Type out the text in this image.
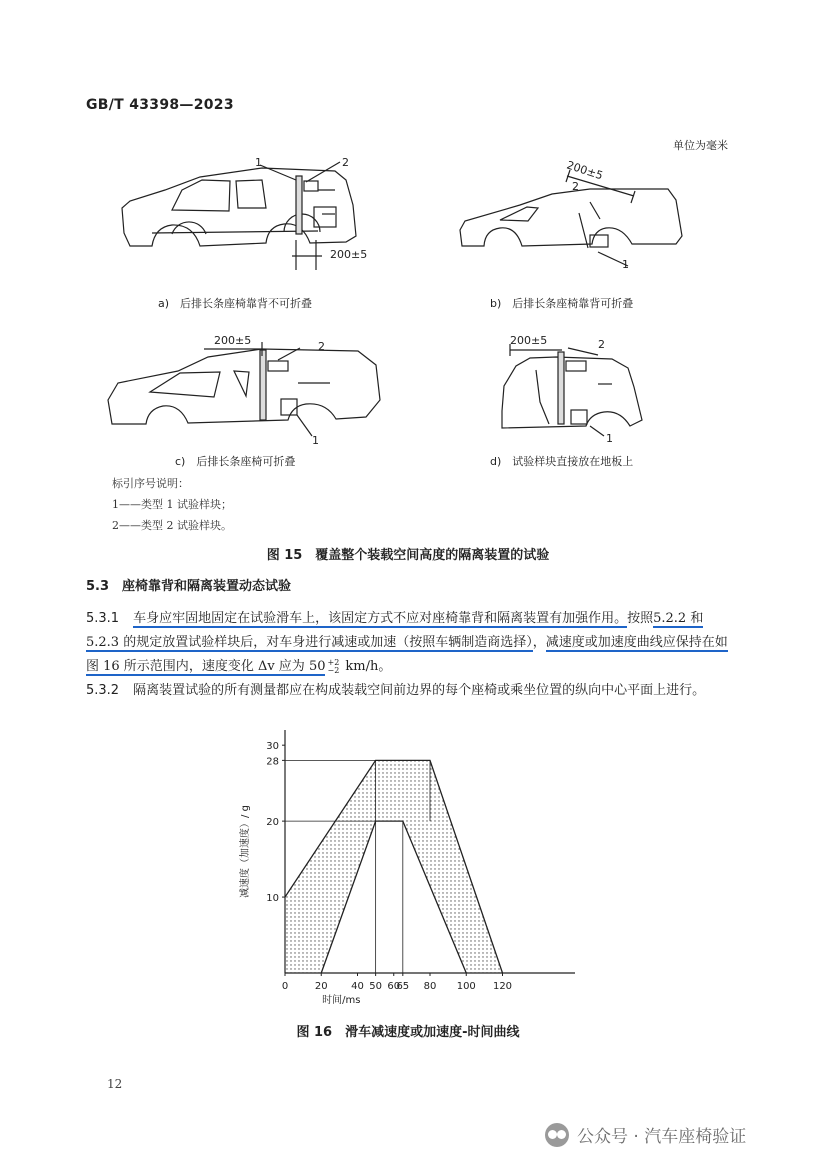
GB/T 43398—2023
单位为毫米
1	2
200±5
200±5
2
1
200±5	2
1
200±5	2
1
a)　后排长条座椅靠背不可折叠	b)　后排长条座椅靠背可折叠
c)　后排长条座椅可折叠	d)　试验样块直接放在地板上
标引序号说明：
1——类型 1 试验样块；
2——类型 2 试验样块。
图 15　覆盖整个装载空间高度的隔离装置的试验
5.3　座椅靠背和隔离装置动态试验
5.3.1 车身应牢固地固定在试验滑车上，该固定方式不应对座椅靠背和隔离装置有加强作用。按照5.2.2 和 5.2.3 的规定放置试验样块后，对车身进行减速或加速（按照车辆制造商选择），减速度或加速度曲线应保持在如图 16 所示范围内，速度变化 Δv 应为 50 +2
−2 km/h。
5.3.2 隔离装置试验的所有测量都应在构成装载空间前边界的每个座椅或乘坐位置的纵向中心平面上进行。
0	20 40 50 60
65 80 100 120
10
20
28
30
减速度（加速度）/ g
时间/ms
图 16　滑车减速度或加速度-时间曲线
12
公众号 · 汽车座椅验证
